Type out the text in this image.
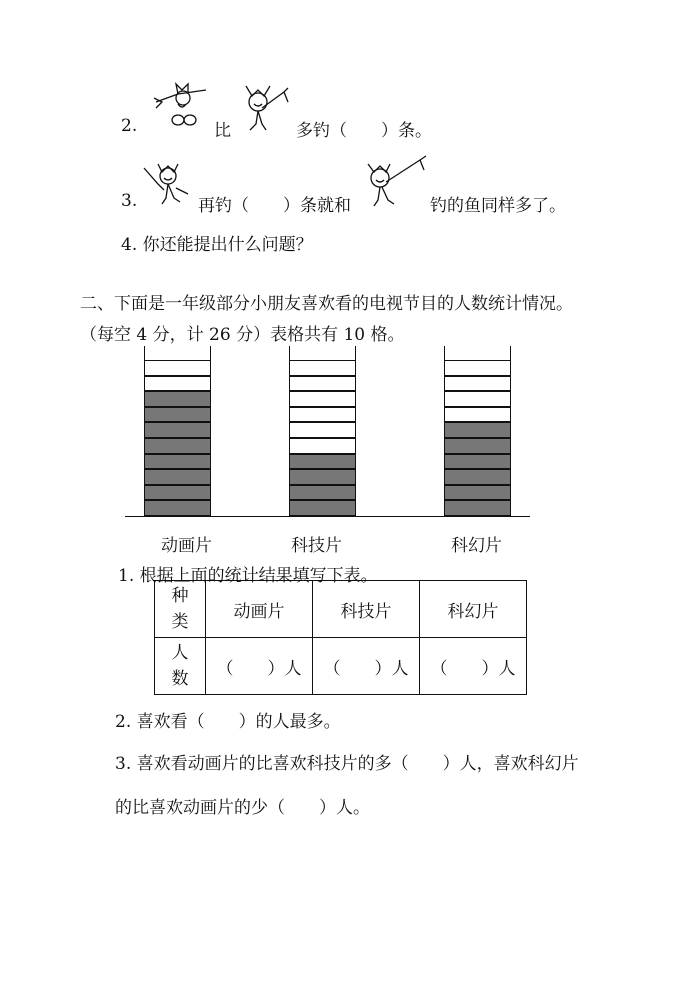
2.	比	多钓（　　）条。
3.	再钓（　　）条就和	钓的鱼同样多了。
4. 你还能提出什么问题？
二、下面是一年级部分小朋友喜欢看的电视节目的人数统计情况。
（每空 4 分，计 26 分）表格共有 10 格。
动画片	科技片	科幻片
1. 根据上面的统计结果填写下表。
种
类	动画片	科技片	科幻片

人
数	（　　）人	（　　）人	（　　）人
2. 喜欢看（　　）的人最多。
3. 喜欢看动画片的比喜欢科技片的多（　　）人，喜欢科幻片
的比喜欢动画片的少（　　）人。
